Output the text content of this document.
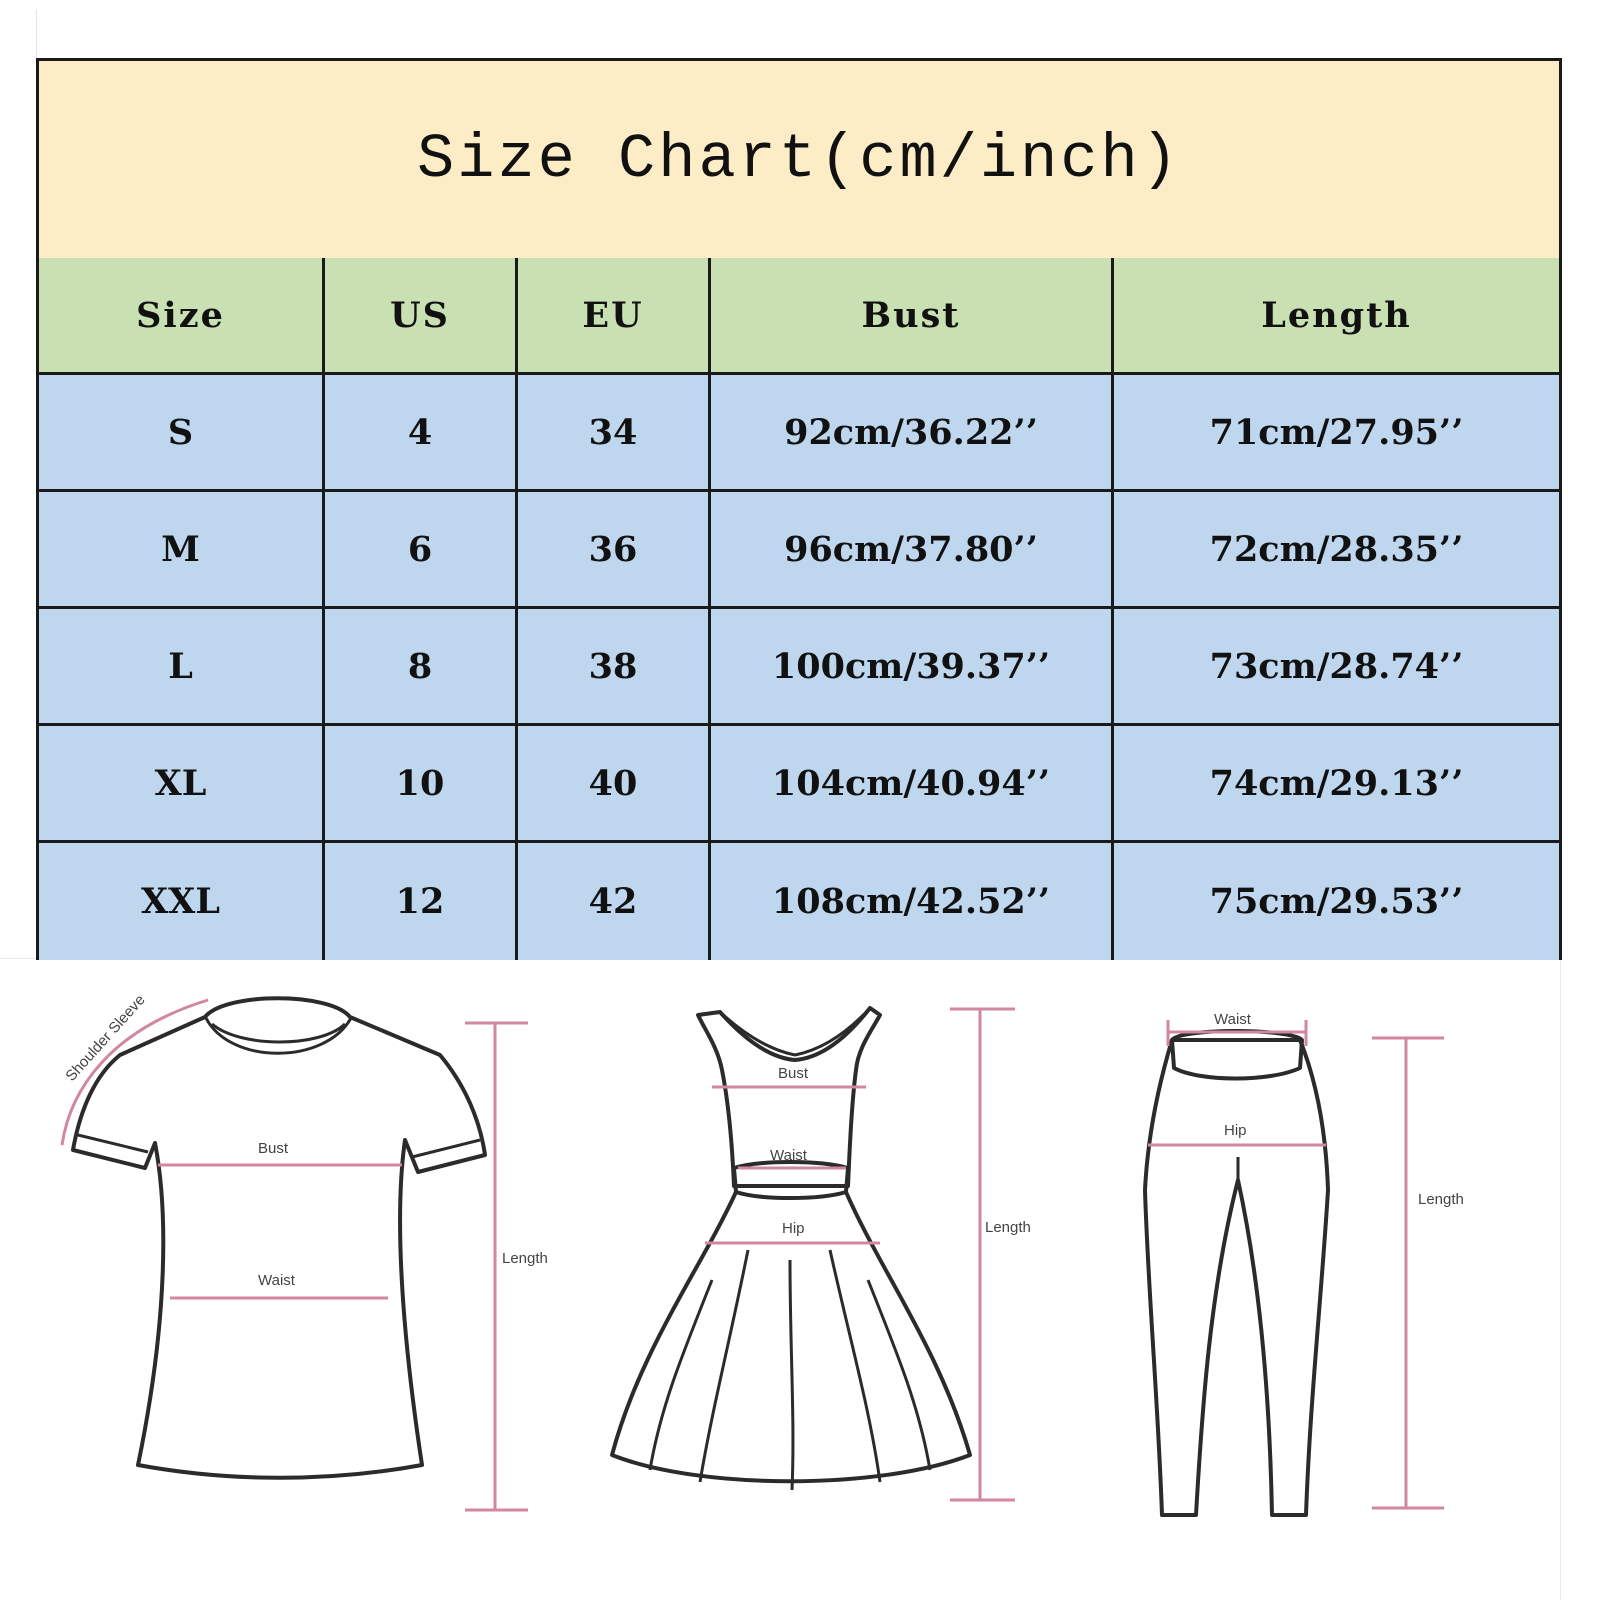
Size Chart(cm/inch)
Size	US	EU	Bust	Length
S	4	34	92cm/36.22’’	71cm/27.95’’
M	6	36	96cm/37.80’’	72cm/28.35’’
L	8	38	100cm/39.37’’	73cm/28.74’’
XL	10	40	104cm/40.94’’	74cm/29.13’’
XXL	12	42	108cm/42.52’’	75cm/29.53’’
Shoulder Sleeve
Bust
Waist
Length
Bust
Waist
Hip	Length
Waist
Hip
Length
